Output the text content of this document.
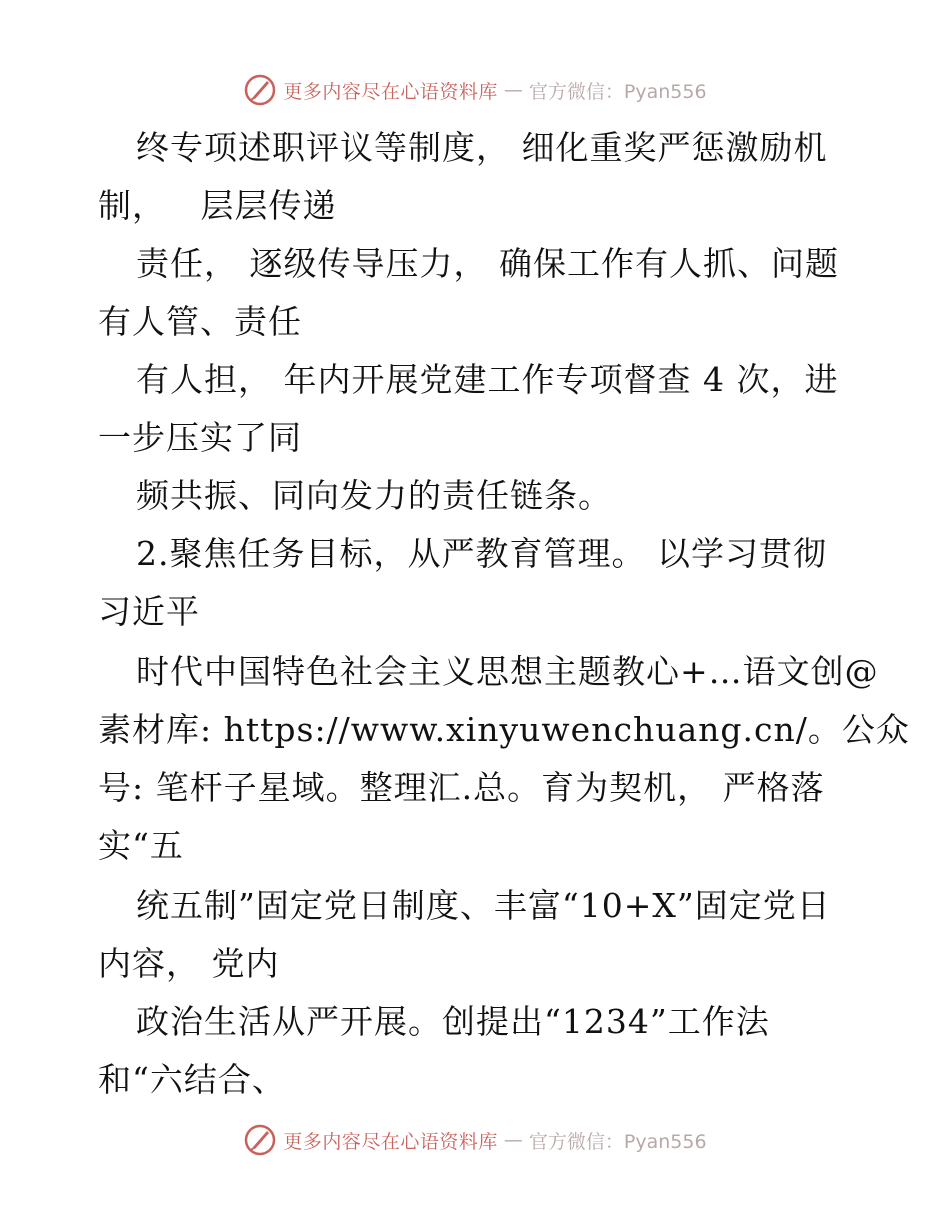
更多内容尽在心语资料库 — 官方微信：Pyan556
终专项述职评议等制度， 细化重奖严惩激励机
制，   层层传递
责任， 逐级传导压力， 确保工作有人抓、问题
有人管、责任
有人担， 年内开展党建工作专项督查 4 次，进
一步压实了同
频共振、同向发力的责任链条。
2.聚焦任务目标，从严教育管理。 以学习贯彻
习近平
时代中国特色社会主义思想主题教心+…语文创@
素材库: https://www.xinyuwenchuang.cn/。公众
号: 笔杆子星域。整理汇.总。育为契机， 严格落
实“五
统五制”固定党日制度、丰富“10+X”固定党日
内容， 党内
政治生活从严开展。创提出“1234”工作法
和“六结合、
更多内容尽在心语资料库 — 官方微信：Pyan556
